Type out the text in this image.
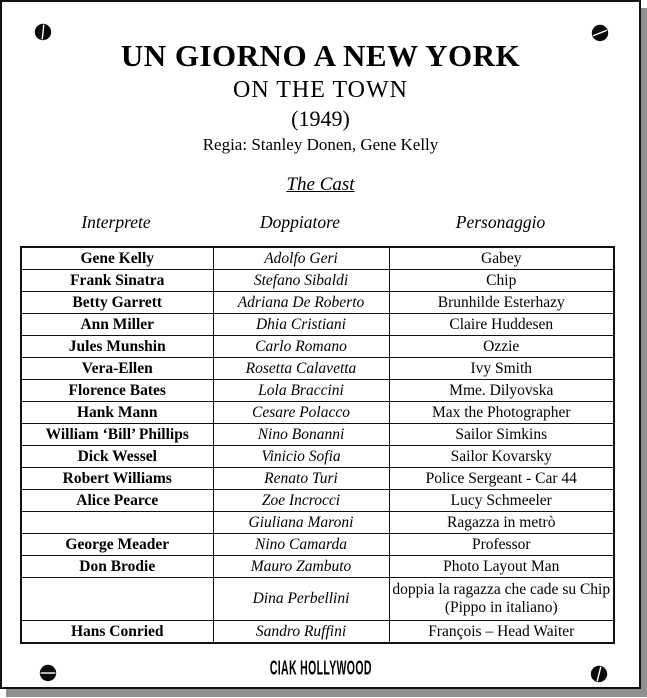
UN GIORNO A NEW YORK
ON THE TOWN
(1949)
Regia: Stanley Donen, Gene Kelly
The Cast
Interprete	Doppiatore	Personaggio
Gene Kelly	Adolfo Geri	Gabey
Frank Sinatra	Stefano Sibaldi	Chip
Betty Garrett	Adriana De Roberto	Brunhilde Esterhazy
Ann Miller	Dhia Cristiani	Claire Huddesen
Jules Munshin	Carlo Romano	Ozzie
Vera-Ellen	Rosetta Calavetta	Ivy Smith
Florence Bates	Lola Braccini	Mme. Dilyovska
Hank Mann	Cesare Polacco	Max the Photographer
William ‘Bill’ Phillips	Nino Bonanni	Sailor Simkins
Dick Wessel	Vinicio Sofia	Sailor Kovarsky
Robert Williams	Renato Turi	Police Sergeant - Car 44
Alice Pearce	Zoe Incrocci	Lucy Schmeeler
	Giuliana Maroni	Ragazza in metrò
George Meader	Nino Camarda	Professor
Don Brodie	Mauro Zambuto	Photo Layout Man
	Dina Perbellini	doppia la ragazza che cade su Chip (Pippo in italiano)
Hans Conried	Sandro Ruffini	François – Head Waiter
CIAK HOLLYWOOD
